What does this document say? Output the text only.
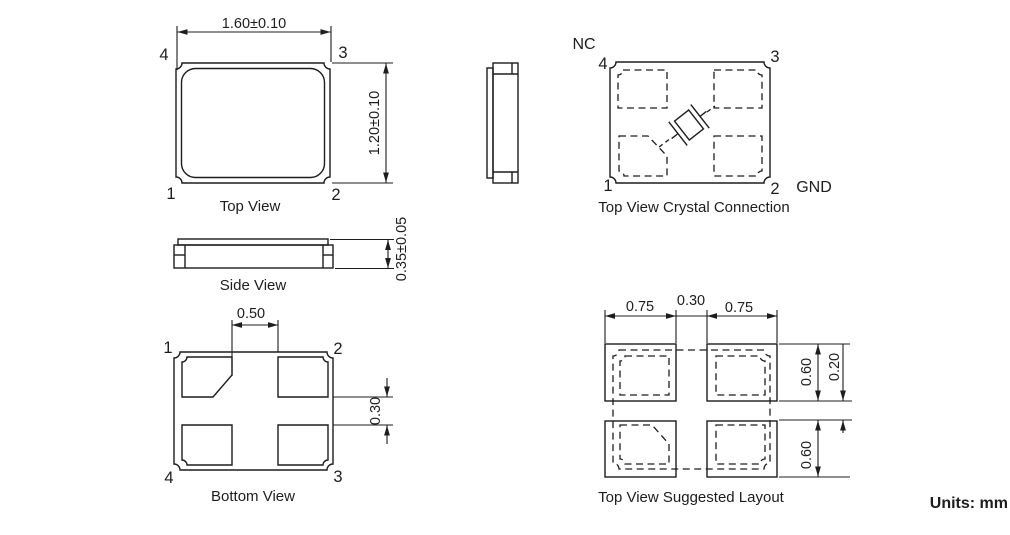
1.60±0.10
1.20±0.10
4	3
1	2
Top View
NC
GND
4	3
1	2
Top View Crystal Connection
0.35±0.05
Side View
0.50
0.30
1	2
4	3
Bottom View
0.75 0.30 0.75
0.60 0.20
0.60
Top View Suggested Layout	Units: mm
